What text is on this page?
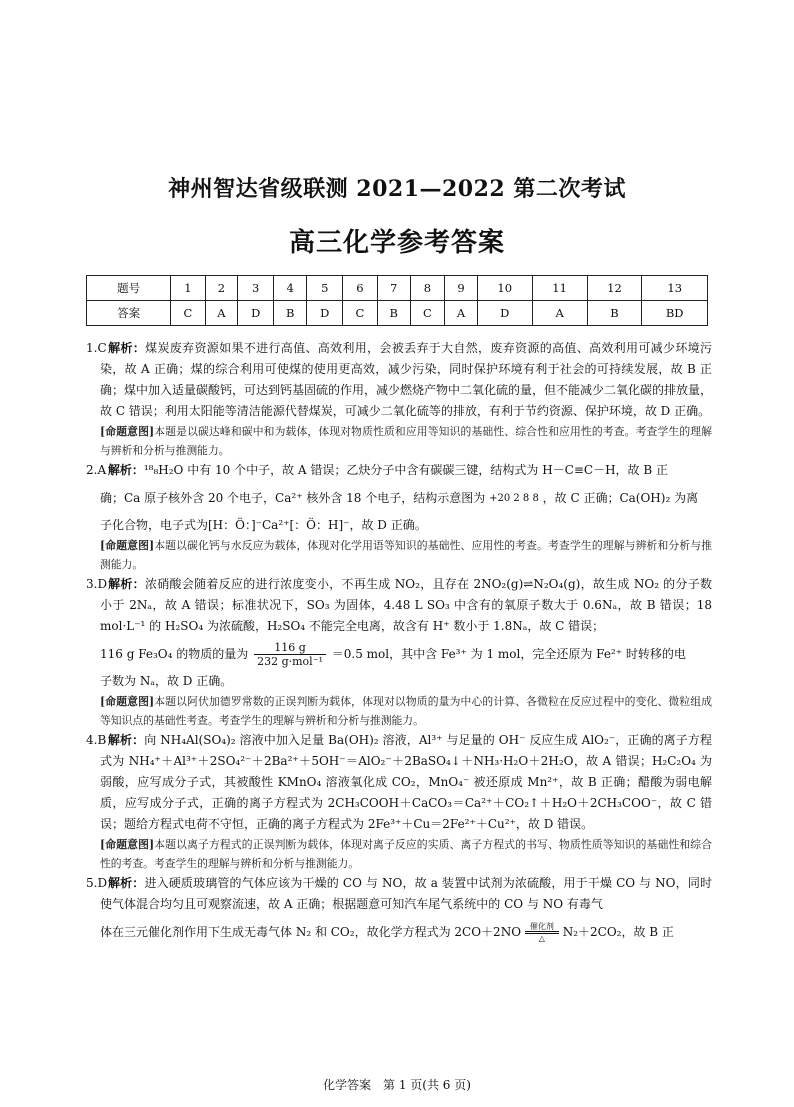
神州智达省级联测 2021—2022 第二次考试
高三化学参考答案
题号	1	2	3	4	5	6	7	8	9	10	11	12	13
答案	C	A	D	B	D	C	B	C	A	D	A	B	BD

1.C 解析：煤炭废弃资源如果不进行高值、高效利用，会被丢弃于大自然，废弃资源的高值、高效利用可减少环境污染，故 A 正确；煤的综合利用可使煤的使用更高效，减少污染，同时保护环境有利于社会的可持续发展，故 B 正确；煤中加入适量碳酸钙，可达到钙基固硫的作用，减少燃烧产物中二氧化硫的量，但不能减少二氧化碳的排放量，故 C 错误；利用太阳能等清洁能源代替煤炭，可减少二氧化硫等的排放，有利于节约资源、保护环境，故 D 正确。

[命题意图]本题是以碳达峰和碳中和为载体，体现对物质性质和应用等知识的基础性、综合性和应用性的考查。考查学生的理解与辨析和分析与推测能力。

2.A 解析：¹⁸₈H₂O 中有 10 个中子，故 A 错误；乙炔分子中含有碳碳三键，结构式为 H－C≡C－H，故 B 正

确；Ca 原子核外含 20 个电子，Ca²⁺ 核外含 18 个电子，结构示意图为 +20 2 8 8 ，故 C 正确；Ca(OH)₂ 为离

子化合物，电子式为[H：Ö：]⁻Ca²⁺[：Ö：H]⁻，故 D 正确。

[命题意图]本题以碳化钙与水反应为载体，体现对化学用语等知识的基础性、应用性的考查。考查学生的理解与辨析和分析与推测能力。

3.D 解析：浓硝酸会随着反应的进行浓度变小，不再生成 NO₂，且存在 2NO₂(g)⇌N₂O₄(g)，故生成 NO₂ 的分子数小于 2Nₐ，故 A 错误；标准状况下，SO₃ 为固体，4.48 L SO₃ 中含有的氧原子数大于 0.6Nₐ，故 B 错误；18 mol·L⁻¹ 的 H₂SO₄ 为浓硫酸，H₂SO₄ 不能完全电离，故含有 H⁺ 数小于 1.8Nₐ，故 C 错误；

116 g Fe₃O₄ 的物质的量为 $\frac{116 g}{\text{232 g·mol⁻¹}} =0.5$ mol，其中含 Fe³⁺ 为 1 mol，完全还原为 Fe²⁺ 时转移的电

子数为 Nₐ，故 D 正确。

[命题意图]本题以阿伏加德罗常数的正误判断为载体，体现对以物质的量为中心的计算、各微粒在反应过程中的变化、微粒组成等知识点的基础性考查。考查学生的理解与辨析和分析与推测能力。

4.B 解析：向 NH₄Al(SO₄)₂ 溶液中加入足量 Ba(OH)₂ 溶液，Al³⁺ 与足量的 OH⁻ 反应生成 AlO₂⁻，正确的离子方程式为 NH₄⁺＋Al³⁺＋2SO₄²⁻＋2Ba²⁺＋5OH⁻＝AlO₂⁻＋2BaSO₄↓＋NH₃·H₂O＋2H₂O，故 A 错误；H₂C₂O₄ 为弱酸，应写成分子式，其被酸性 KMnO₄ 溶液氧化成 CO₂，MnO₄⁻ 被还原成 Mn²⁺，故 B 正确；醋酸为弱电解质，应写成分子式，正确的离子方程式为 2CH₃COOH＋CaCO₃＝Ca²⁺＋CO₂↑＋H₂O＋2CH₃COO⁻，故 C 错误；题给方程式电荷不守恒，正确的离子方程式为 2Fe³⁺＋Cu＝2Fe²⁺＋Cu²⁺，故 D 错误。

[命题意图]本题以离子方程式的正误判断为载体，体现对离子反应的实质、离子方程式的书写、物质性质等知识的基础性和综合性的考查。考查学生的理解与辨析和分析与推测能力。

5.D 解析：进入硬质玻璃管的气体应该为干燥的 CO 与 NO，故 a 装置中试剂为浓硫酸，用于干燥 CO 与 NO，同时使气体混合均匀且可观察流速，故 A 正确；根据题意可知汽车尾气系统中的 CO 与 NO 有毒气

体在三元催化剂作用下生成无毒气体 N₂ 和 CO₂，故化学方程式为 2CO＋2NO	催化剂
△	N₂＋2CO₂，故 B 正

化学答案　第 1 页(共 6 页)
